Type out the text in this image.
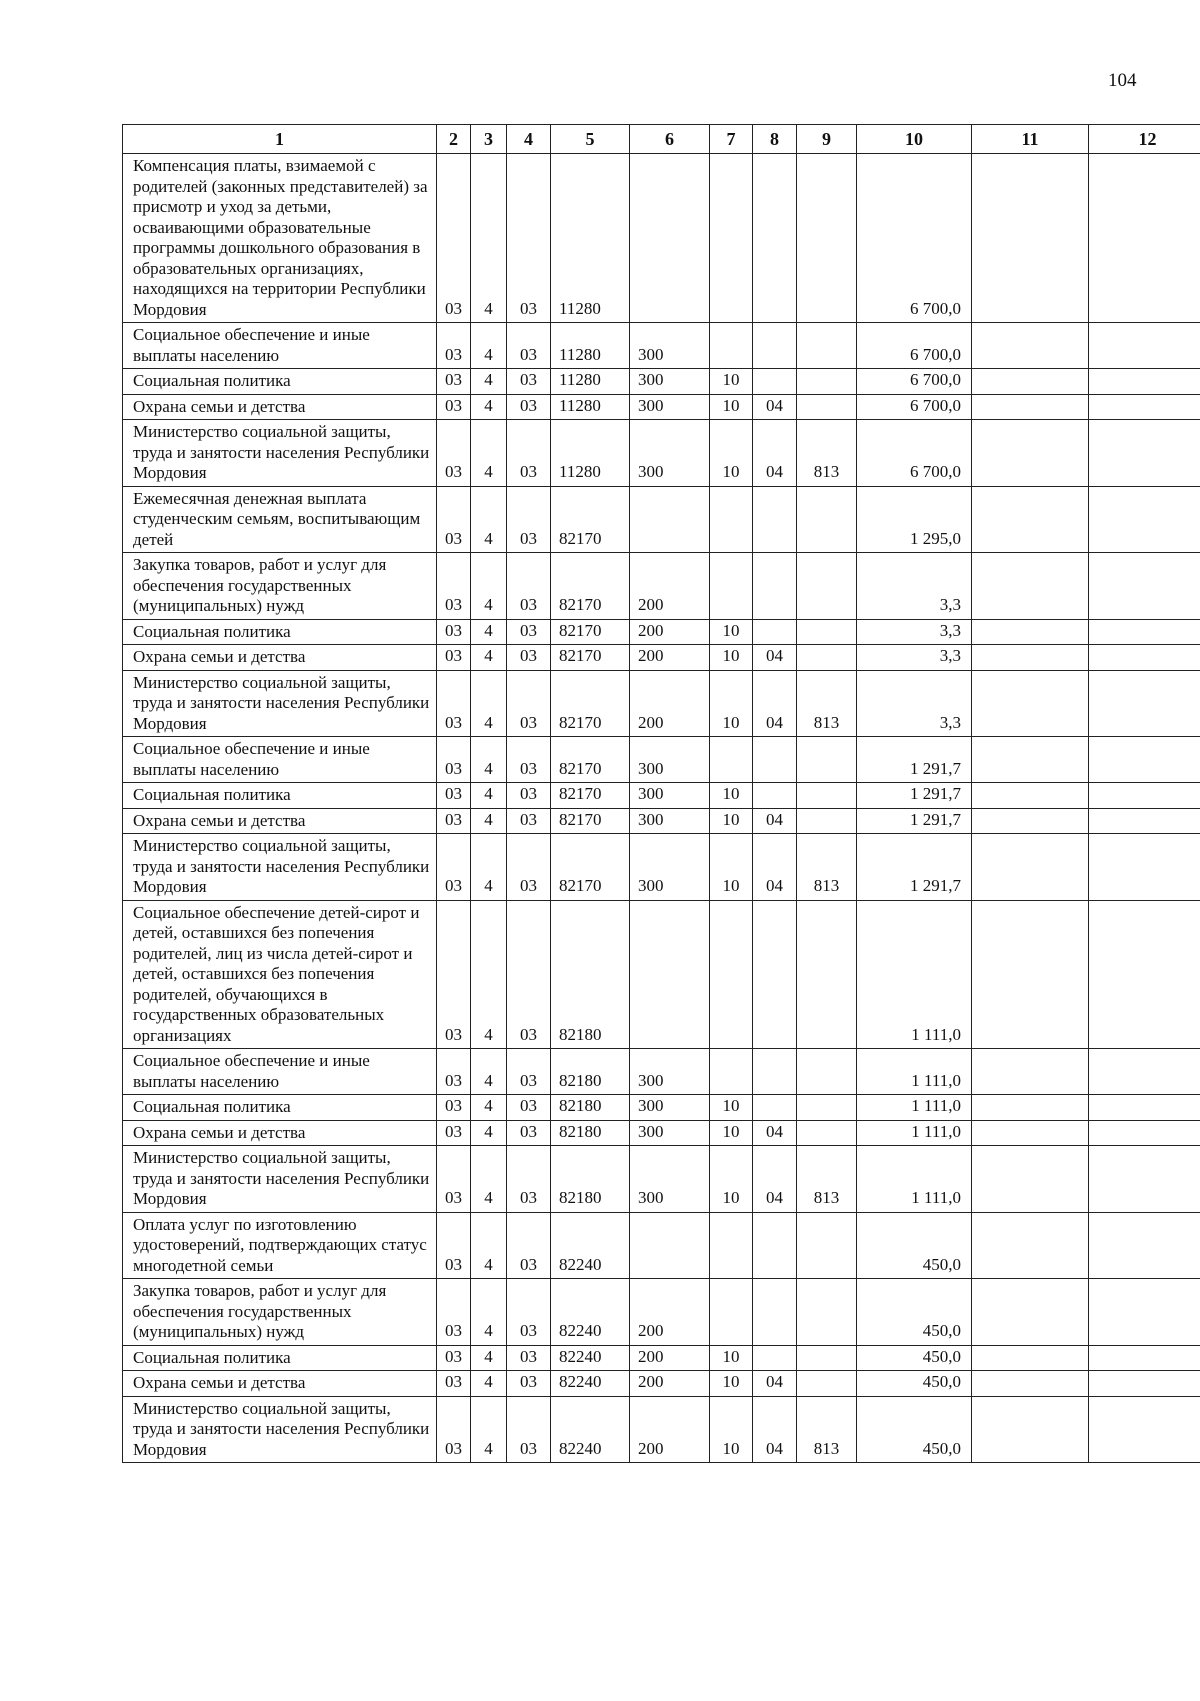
104
1	2	3	4	5	6	7	8	9	10	11	12
Компенсация платы, взимаемой с родителей (законных представителей) за присмотр и уход за детьми, осваивающими образовательные программы дошкольного образования в образовательных организациях, находящихся на территории Республики Мордовия	03	4	03	11280					6 700,0		
Социальное обеспечение и иные выплаты населению	03	4	03	11280	300				6 700,0		
Социальная политика	03	4	03	11280	300	10			6 700,0		
Охрана семьи и детства	03	4	03	11280	300	10	04		6 700,0		
Министерство социальной защиты, труда и занятости населения Республики Мордовия	03	4	03	11280	300	10	04	813	6 700,0		
Ежемесячная денежная выплата студенческим семьям, воспитывающим детей	03	4	03	82170					1 295,0		
Закупка товаров, работ и услуг для обеспечения государственных (муниципальных) нужд	03	4	03	82170	200				3,3		
Социальная политика	03	4	03	82170	200	10			3,3		
Охрана семьи и детства	03	4	03	82170	200	10	04		3,3		
Министерство социальной защиты, труда и занятости населения Республики Мордовия	03	4	03	82170	200	10	04	813	3,3		
Социальное обеспечение и иные выплаты населению	03	4	03	82170	300				1 291,7		
Социальная политика	03	4	03	82170	300	10			1 291,7		
Охрана семьи и детства	03	4	03	82170	300	10	04		1 291,7		
Министерство социальной защиты, труда и занятости населения Республики Мордовия	03	4	03	82170	300	10	04	813	1 291,7		
Социальное обеспечение детей-сирот и детей, оставшихся без попечения родителей, лиц из числа детей-сирот и детей, оставшихся без попечения родителей, обучающихся в государственных образовательных организациях	03	4	03	82180					1 111,0		
Социальное обеспечение и иные выплаты населению	03	4	03	82180	300				1 111,0		
Социальная политика	03	4	03	82180	300	10			1 111,0		
Охрана семьи и детства	03	4	03	82180	300	10	04		1 111,0		
Министерство социальной защиты, труда и занятости населения Республики Мордовия	03	4	03	82180	300	10	04	813	1 111,0		
Оплата услуг по изготовлению удостоверений, подтверждающих статус многодетной семьи	03	4	03	82240					450,0		
Закупка товаров, работ и услуг для обеспечения государственных (муниципальных) нужд	03	4	03	82240	200				450,0		
Социальная политика	03	4	03	82240	200	10			450,0		
Охрана семьи и детства	03	4	03	82240	200	10	04		450,0		
Министерство социальной защиты, труда и занятости населения Республики Мордовия	03	4	03	82240	200	10	04	813	450,0		
